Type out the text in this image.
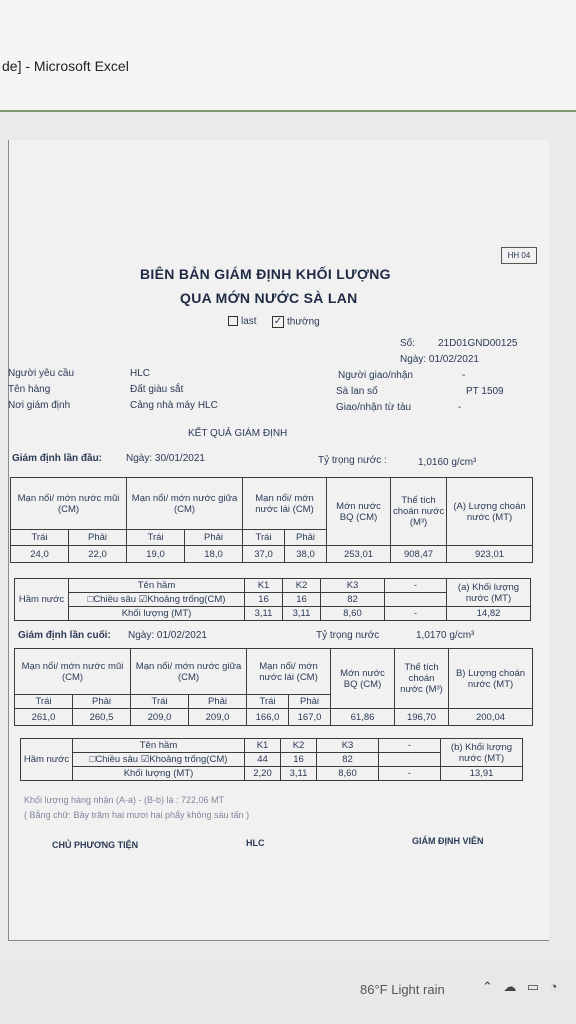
de] - Microsoft Excel
HH 04
BIÊN BẢN GIÁM ĐỊNH KHỐI LƯỢNG
QUA MỚN NƯỚC SÀ LAN
last ✓ thường
Số: 21D01GND00125
Ngày: 01/02/2021
Người yêu cầu	HLC
Tên hàng	Đất giàu sắt
Nơi giám định	Cảng nhà máy HLC
Người giao/nhận	-
Sà lan số	PT 1509
Giao/nhận từ tàu	-
KẾT QUẢ GIÁM ĐỊNH
Giám định lần đầu: Ngày: 30/01/2021	Tỷ trọng nước :	1,0160 g/cm³
Mạn nổi/ mớn nước mũi (CM)		Mạn nổi/ mớn nước giữa (CM)		Mạn nổi/ mớn nước lái (CM)		Mớn nước BQ (CM)	Thể tích choán nước (M³)	(A) Lượng choán nước (MT)
Trái	Phải	Trái	Phải	Trái	Phải			
24,0	22,0	19,0	18,0	37,0	38,0	253,01	908,47	923,01
Hầm nước	Tên hầm	K1	K2	K3	-	(a) Khối lượng nước (MT)
	□Chiều sâu ☑Khoảng trống(CM)	16	16	82		
	Khối lượng (MT)	3,11	3,11	8,60	-	14,82
Giám định lần cuối: Ngày: 01/02/2021	Tỷ trọng nước	1,0170 g/cm³
Mạn nổi/ mớn nước mũi (CM)		Mạn nổi/ mớn nước giữa (CM)		Mạn nổi/ mớn nước lái (CM)		Mớn nước BQ (CM)	Thể tích choán nước (M³)	B) Lượng choán nước (MT)
Trái	Phải	Trái	Phải	Trái	Phải			
261,0	260,5	209,0	209,0	166,0	167,0	61,86	196,70	200,04
Hầm nước	Tên hầm	K1	K2	K3	-	(b) Khối lượng nước (MT)
	□Chiều sâu ☑Khoảng trống(CM)	44	16	82		
	Khối lượng (MT)	2,20	3,11	8,60	-	13,91
Khối lượng hàng nhận (A-a) - (B-b) là : 722,06 MT
( Bằng chữ: Bảy trăm hai mươi hai phẩy không sáu tấn )
CHỦ PHƯƠNG TIỆN	HLC	GIÁM ĐỊNH VIÊN
86°F Light rain	⌃ ☁ ▭ ◔
